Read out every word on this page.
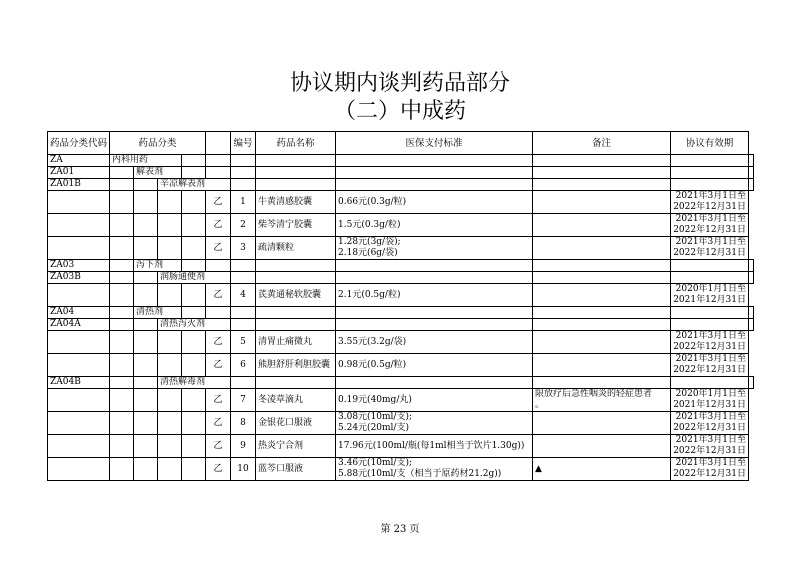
协议期内谈判药品部分
（二）中成药
药品分类代码	药品分类					编号	药品名称	医保支付标准	备注	协议有效期	
ZA	内科用药										
ZA01		解表剂									
ZA01B			辛凉解表剂								
					乙	1	牛黄清感胶囊	0.66元(0.3g/粒)		2021年3月1日至
2022年12月31日	

					乙	2	柴芩清宁胶囊	1.5元(0.3g/粒)		2021年3月1日至
2022年12月31日	

					乙	3	疏清颗粒	1.28元(3g/袋);
2.18元(6g/袋)		2021年3月1日至
2022年12月31日	

ZA03		泻下剂									
ZA03B			润肠通便剂								
					乙	4	芪黄通秘软胶囊	2.1元(0.5g/粒)		2020年1月1日至
2021年12月31日	

ZA04		清热剂									
ZA04A			清热泻火剂								
					乙	5	清胃止痛微丸	3.55元(3.2g/袋)		2021年3月1日至
2022年12月31日	

					乙	6	熊胆舒肝利胆胶囊	0.98元(0.5g/粒)		2021年3月1日至
2022年12月31日	

ZA04B			清热解毒剂								
					乙	7	冬凌草滴丸	0.19元(40mg/丸)	限放疗后急性咽炎的轻症患者
。	2020年1月1日至
2021年12月31日	

					乙	8	金银花口服液	3.08元(10ml/支);
5.24元(20ml/支)		2021年3月1日至
2022年12月31日	

					乙	9	热炎宁合剂	17.96元(100ml/瓶(每1ml相当于饮片1.30g))		2021年3月1日至
2022年12月31日	

					乙	10	蓝芩口服液	3.46元(10ml/支);
5.88元(10ml/支（相当于原药材21.2g))	▲	2021年3月1日至
2022年12月31日	
第 23 页
